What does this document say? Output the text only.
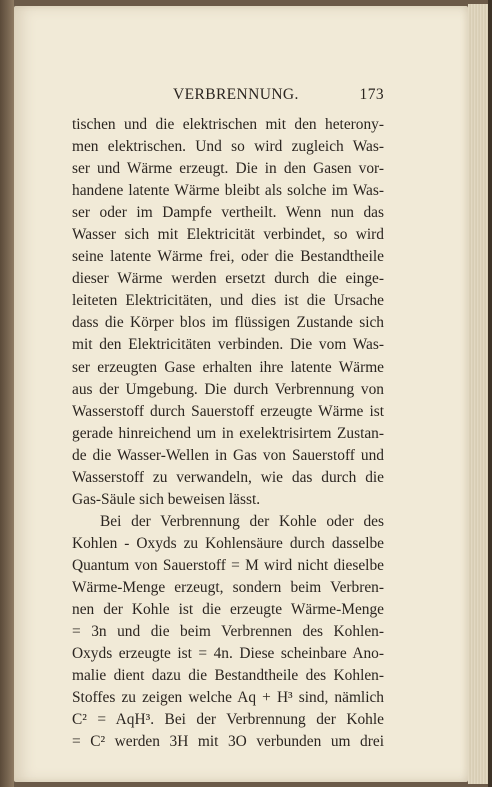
VERBRENNUNG.	173
tischen und die elektrischen mit den heterony-
men elektrischen. Und so wird zugleich Was-
ser und Wärme erzeugt. Die in den Gasen vor-
handene latente Wärme bleibt als solche im Was-
ser oder im Dampfe vertheilt. Wenn nun das
Wasser sich mit Elektricität verbindet, so wird
seine latente Wärme frei, oder die Bestandtheile
dieser Wärme werden ersetzt durch die einge-
leiteten Elektricitäten, und dies ist die Ursache
dass die Körper blos im flüssigen Zustande sich
mit den Elektricitäten verbinden. Die vom Was-
ser erzeugten Gase erhalten ihre latente Wärme
aus der Umgebung. Die durch Verbrennung von
Wasserstoff durch Sauerstoff erzeugte Wärme ist
gerade hinreichend um in exelektrisirtem Zustan-
de die Wasser-Wellen in Gas von Sauerstoff und
Wasserstoff zu verwandeln, wie das durch die
Gas-Säule sich beweisen lässt.
Bei der Verbrennung der Kohle oder des
Kohlen - Oxyds zu Kohlensäure durch dasselbe
Quantum von Sauerstoff = M wird nicht dieselbe
Wärme-Menge erzeugt, sondern beim Verbren-
nen der Kohle ist die erzeugte Wärme-Menge
= 3n und die beim Verbrennen des Kohlen-
Oxyds erzeugte ist = 4n. Diese scheinbare Ano-
malie dient dazu die Bestandtheile des Kohlen-
Stoffes zu zeigen welche Aq + H³ sind, nämlich
C² = AqH³. Bei der Verbrennung der Kohle
= C² werden 3H mit 3O verbunden um drei
